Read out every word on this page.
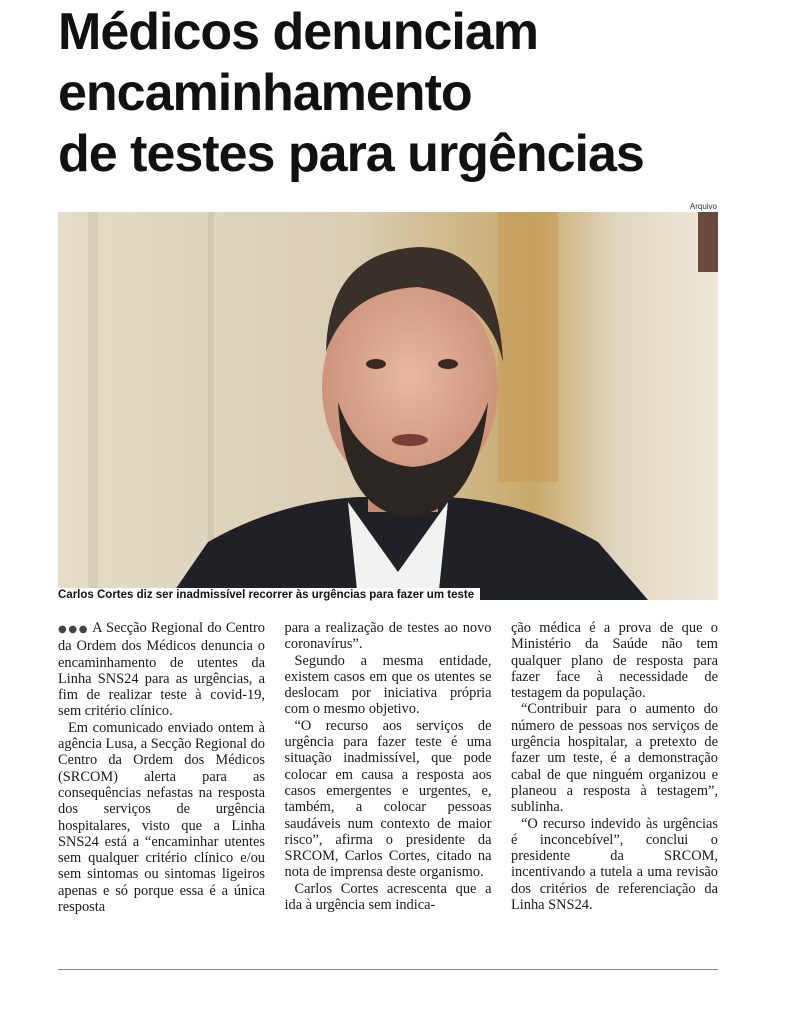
Médicos denunciam
encaminhamento
de testes para urgências
Arquivo
Carlos Cortes diz ser inadmissível recorrer às urgências para fazer um teste

●●● A Secção Regional do Centro da Ordem dos Médicos denuncia o encaminhamento de utentes da Linha SNS24 para as urgências, a fim de realizar teste à covid-19, sem critério clínico.

Em comunicado enviado ontem à agência Lusa, a Secção Regional do Centro da Ordem dos Médicos (SRCOM) alerta para as consequências nefastas na resposta dos serviços de urgência hospitalares, visto que a Linha SNS24 está a “encaminhar utentes sem qualquer critério clínico e/ou sem sintomas ou sintomas ligeiros apenas e só porque essa é a única resposta

para a realização de testes ao novo coronavírus”.

Segundo a mesma entidade, existem casos em que os utentes se deslocam por iniciativa própria com o mesmo objetivo.

“O recurso aos serviços de urgência para fazer teste é uma situação inadmissível, que pode colocar em causa a resposta aos casos emergentes e urgentes, e, também, a colocar pessoas saudáveis num contexto de maior risco”, afirma o presidente da SRCOM, Carlos Cortes, citado na nota de imprensa deste organismo.

Carlos Cortes acrescenta que a ida à urgência sem indica-

ção médica é a prova de que o Ministério da Saúde não tem qualquer plano de resposta para fazer face à necessidade de testagem da população.

“Contribuir para o aumento do número de pessoas nos serviços de urgência hospitalar, a pretexto de fazer um teste, é a demonstração cabal de que ninguém organizou e planeou a resposta à testagem”, sublinha.

“O recurso indevido às urgências é inconcebível”, conclui o presidente da SRCOM, incentivando a tutela a uma revisão dos critérios de referenciação da Linha SNS24.
